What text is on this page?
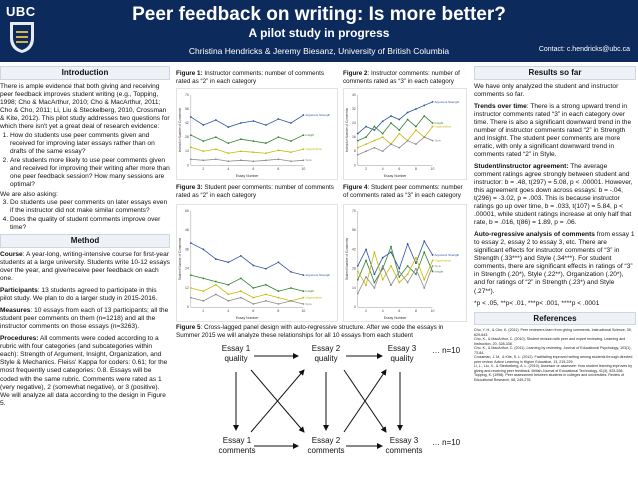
UBC	Peer feedback on writing: Is more better?
A pilot study in progress
Christina Hendricks & Jeremy Biesanz, University of British Columbia	Contact: c.hendricks@ubc.ca
Introduction

There is ample evidence that both giving and receiving peer feedback improves student writing (e.g., Topping, 1998; Cho & MacArthur, 2010; Cho & MacArthur, 2011; Cho & Cho, 2011; Li, Liu & Steckelberg, 2010, Crossman & Kite, 2012). This pilot study addresses two questions for which there isn't yet a great deal of research evidence:

1. How do students use peer comments given and received for improving later essays rather than on drafts of the same essay?
2. Are students more likely to use peer comments given and received for improving their writing after more than one peer feedback session? How many sessions are optimal?
We are also asking:
3. Do students use peer comments on later essays even if the instructor did not make similar comments?
4. Does the quality of student comments improve over time?
Method

Course: A year-long, writing-intensive course for first-year students at a large university. Students write 10-12 essays over the year, and give/receive peer feedback on each one.

Participants: 13 students agreed to participate in this pilot study. We plan to do a larger study in 2015-2016.

Measures: 10 essays from each of 13 participants; all the student peer comments on them (n=1218) and all the instructor comments on those essays (n=3263).

Procedures: All comments were coded according to a rubric with four categories (and subcategories within each): Strength of Argument, Insight, Organization, and Style & Mechanics. Fleiss' Kappa for coders: 0.61; for the most frequently used categories: 0.8. Essays will be coded with the same rubric. Comments were rated as 1 (very negative), 2 (somewhat negative), or 3 (positive). We will analyze all data according to the design in Figure 5.

Figure 1: Instructor comments: number of comments rated as “2” in each category
Figure 2: Instructor comments: number of comments rated as “3” in each category
Figure 3: Student peer comments: number of comments rated as “2” in each category
Figure 4: Student peer comments: number of comments rated as “3” in each category
2	4	6	8	10
0
14
28
42
56
70
Essay Number
Instructor Number of Comments	Argument Strength
Insight
Organization
Style
2	4	6	8	10
0
8
16
24
32
40
Essay Number
Instructor Number of Comments
Argument Strength
Insight
Organization
Style
2	4	6	8	10
0
12
24
36
48
60
Essay Number
Student Number of Comments	Argument Strength
Insight
Organization
Style
2	4	6	8	10
0
14
28
42
56
70
Essay Number
Student Number of Comments	Argument Strength
Insight
Organization
Style
Figure 5: Cross-lagged panel design with auto-regressive structure. After we code the essays in Summer 2015 we will analyze these relationships for all 10 essays from each student
Essay 1
quality
Essay 2
quality
Essay 3
quality
… n=10
Essay 1
comments
Essay 2
comments
Essay 3
comments
… n=10
Results so far

We have only analyzed the student and instructor comments so far.

Trends over time: There is a strong upward trend in instructor comments rated “3” in each category over time. There is also a significant downward trend in the number of instructor comments rated “2” in Strength and Insight. The student peer comments are more erratic, with only a significant downward trend in comments rated “2” in Style.

Student/instructor agreement: The average comment ratings agree strongly between student and instructor: b = .48, t(297) = 5.08, p < .00001. However, this agreement goes down across essays: b = -.04, t(296) = -3.02, p = .003. This is because instructor ratings go up over time, b = .033, t(107) = 5.84, p < .00001, while student ratings increase at only half that rate, b = .016, t(86) = 1.89, p = .06.

Auto-regressive analysis of comments from essay 1 to essay 2, essay 2 to essay 3, etc. There are significant effects for instructor comments of “3” in Strength (.33***) and Style (.34***). For student comments, there are significant effects in ratings of “3” in Strength (.20*), Style (.22**), Organization (.20*), and for ratings of “2” in Strength (.23*) and Style (.27**).

*p < .05, **p< .01, ***p< .001, ****p < .0001

References
Cho, Y. H., & Cho, K. (2011). Peer reviewers learn from giving comments. Instructional Science, 39, 629-643.
Cho, K., & MacArthur, C. (2010). Student revision with peer and expert reviewing. Learning and Instruction, 20, 328-338.
Cho, K., & MacArthur, C. (2011). Learning by reviewing. Journal of Educational Psychology, 103(1), 73-84.
Crossman, J. M., & Kite, S. L. (2012). Facilitating improved writing among students through directed peer review. Active Learning in Higher Education, 13, 219-229.
Li, L., Liu, X., & Steckelberg, A. L. (2010). Assessor or assessee: How student learning improves by giving and receiving peer feedback. British Journal of Educational Technology, 41(3), 525-536.
Topping, K. (1998). Peer assessment between students in colleges and universities. Review of Educational Research, 68, 249-276.
